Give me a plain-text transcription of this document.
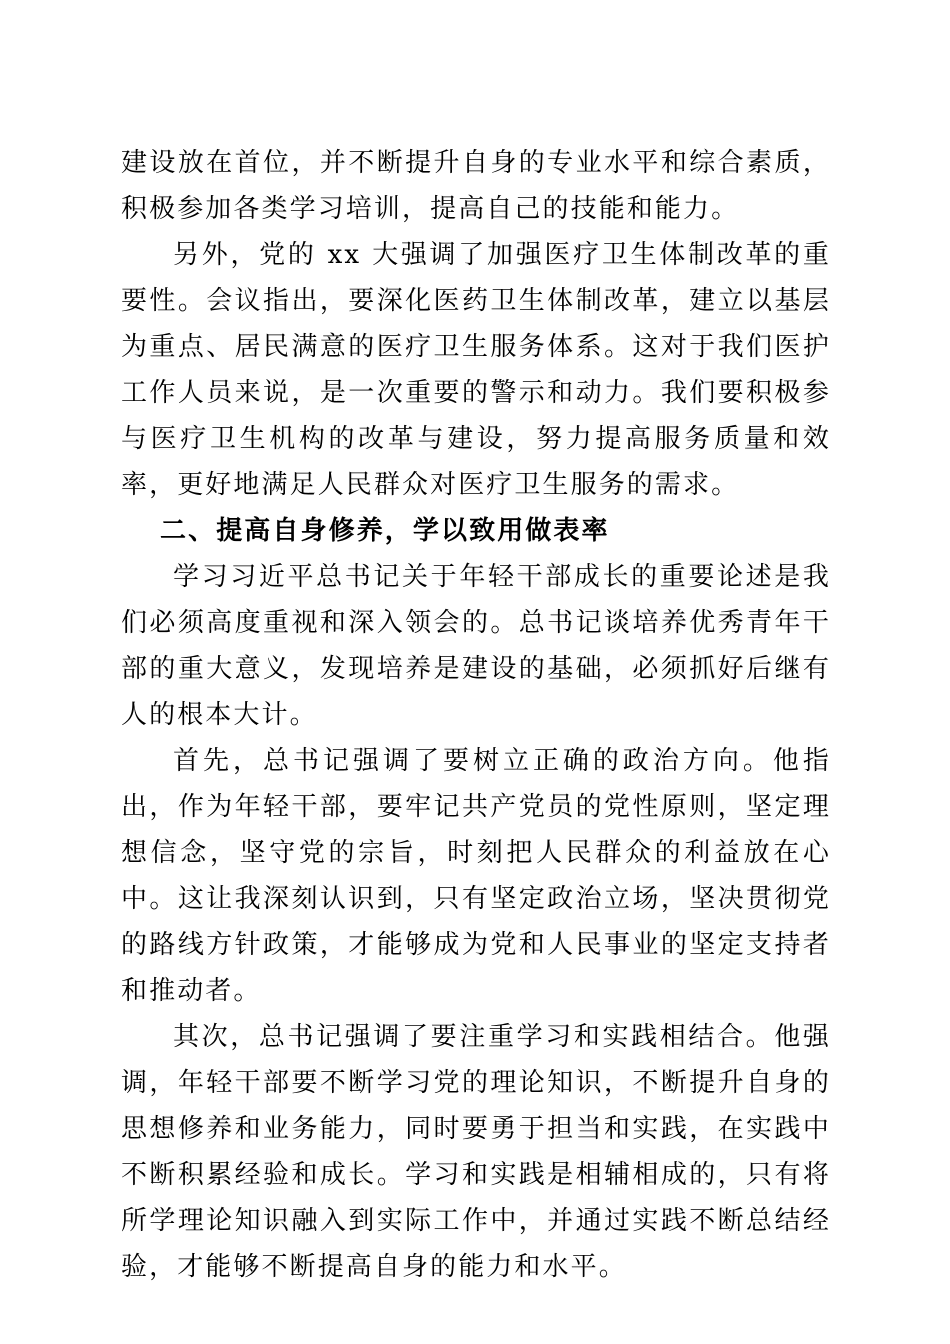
建设放在首位，并不断提升自身的专业水平和综合素质，积极参加各类学习培训，提高自己的技能和能力。

另外，党的 xx 大强调了加强医疗卫生体制改革的重要性。会议指出，要深化医药卫生体制改革，建立以基层为重点、居民满意的医疗卫生服务体系。这对于我们医护工作人员来说，是一次重要的警示和动力。我们要积极参与医疗卫生机构的改革与建设，努力提高服务质量和效率，更好地满足人民群众对医疗卫生服务的需求。

二、提高自身修养，学以致用做表率

学习习近平总书记关于年轻干部成长的重要论述是我们必须高度重视和深入领会的。总书记谈培养优秀青年干部的重大意义，发现培养是建设的基础，必须抓好后继有人的根本大计。

首先，总书记强调了要树立正确的政治方向。他指出，作为年轻干部，要牢记共产党员的党性原则，坚定理想信念，坚守党的宗旨，时刻把人民群众的利益放在心中。这让我深刻认识到，只有坚定政治立场，坚决贯彻党的路线方针政策，才能够成为党和人民事业的坚定支持者和推动者。

其次，总书记强调了要注重学习和实践相结合。他强调，年轻干部要不断学习党的理论知识，不断提升自身的思想修养和业务能力，同时要勇于担当和实践，在实践中不断积累经验和成长。学习和实践是相辅相成的，只有将所学理论知识融入到实际工作中，并通过实践不断总结经验，才能够不断提高自身的能力和水平。
